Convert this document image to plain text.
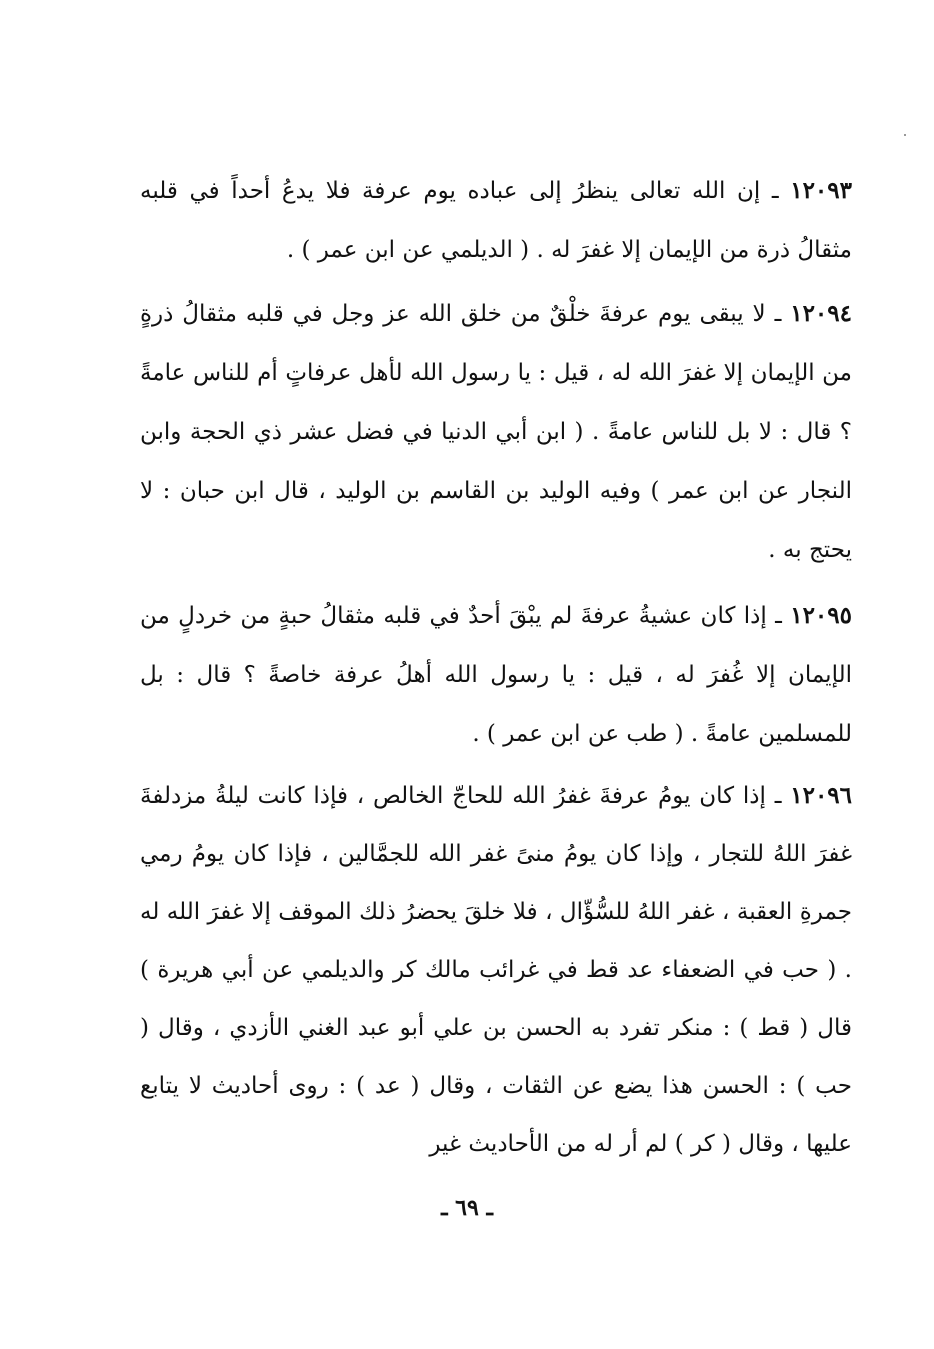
١٢٠٩٣ ـ إن الله تعالى ينظرُ إلى عباده يوم عرفة فلا يدعُ أحداً في قلبه مثقالُ ذرة من الإيمان إلا غفرَ له . ( الديلمي عن ابن عمر ) .

١٢٠٩٤ ـ لا يبقى يوم عرفةَ خلْقٌ من خلق الله عز وجل في قلبه مثقالُ ذرةٍ من الإيمان إلا غفرَ الله له ، قيل : يا رسول الله لأهل عرفاتٍ أم للناس عامةً ؟ قال : لا بل للناس عامةً . ( ابن أبي الدنيا في فضل عشر ذي الحجة وابن النجار عن ابن عمر ) وفيه الوليد بن القاسم بن الوليد ، قال ابن حبان : لا يحتج به .

١٢٠٩٥ ـ إذا كان عشيةُ عرفةَ لم يبْقَ أحدٌ في قلبه مثقالُ حبةٍ من خردلٍ من الإيمان إلا غُفرَ له ، قيل : يا رسول الله أهلُ عرفة خاصةً ؟ قال : بل للمسلمين عامةً . ( طب عن ابن عمر ) .

١٢٠٩٦ ـ إذا كان يومُ عرفةَ غفرُ الله للحاجّ الخالص ، فإذا كانت ليلةُ مزدلفةَ غفرَ اللهُ للتجار ، وإذا كان يومُ منىً غفر الله للجمَّالين ، فإذا كان يومُ رمي جمرةِ العقبة ، غفر اللهُ للسُّؤّال ، فلا خلقَ يحضرُ ذلك الموقف إلا غفرَ الله له . ( حب في الضعفاء عد قط في غرائب مالك كر والديلمي عن أبي هريرة ) قال ( قط ) : منكر تفرد به الحسن بن علي أبو عبد الغني الأزدي ، وقال ( حب ) : الحسن هذا يضع عن الثقات ، وقال ( عد ) : روى أحاديث لا يتابع عليها ، وقال ( كر ) لم أر له من الأحاديث غير

ـ ٦٩ ـ
